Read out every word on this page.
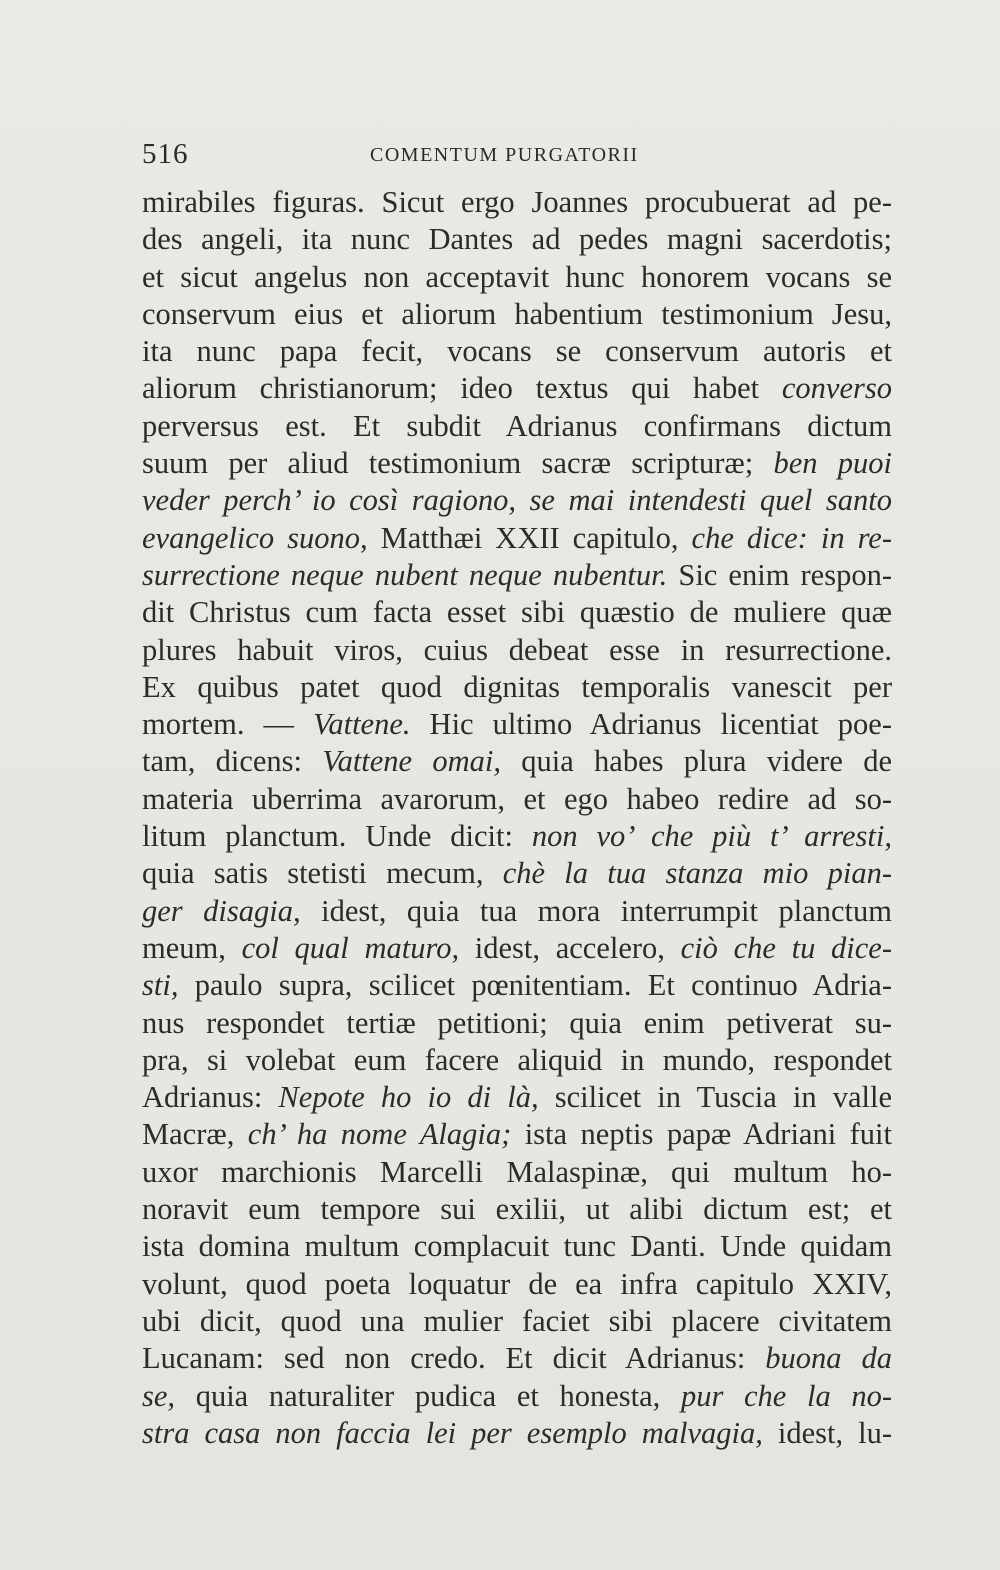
516	COMENTUM PURGATORII
mirabiles figuras. Sicut ergo Joannes procubuerat ad pe-
des angeli, ita nunc Dantes ad pedes magni sacerdotis;
et sicut angelus non acceptavit hunc honorem vocans se
conservum eius et aliorum habentium testimonium Jesu,
ita nunc papa fecit, vocans se conservum autoris et
aliorum christianorum; ideo textus qui habet converso
perversus est. Et subdit Adrianus confirmans dictum
suum per aliud testimonium sacræ scripturæ; ben puoi
veder perch’ io così ragiono, se mai intendesti quel santo
evangelico suono, Matthæi XXII capitulo, che dice: in re-
surrectione neque nubent neque nubentur. Sic enim respon-
dit Christus cum facta esset sibi quæstio de muliere quæ
plures habuit viros, cuius debeat esse in resurrectione.
Ex quibus patet quod dignitas temporalis vanescit per
mortem. — Vattene. Hic ultimo Adrianus licentiat poe-
tam, dicens: Vattene omai, quia habes plura videre de
materia uberrima avarorum, et ego habeo redire ad so-
litum planctum. Unde dicit: non vo’ che più t’ arresti,
quia satis stetisti mecum, chè la tua stanza mio pian-
ger disagia, idest, quia tua mora interrumpit planctum
meum, col qual maturo, idest, accelero, ciò che tu dice-
sti, paulo supra, scilicet pœnitentiam. Et continuo Adria-
nus respondet tertiæ petitioni; quia enim petiverat su-
pra, si volebat eum facere aliquid in mundo, respondet
Adrianus: Nepote ho io di là, scilicet in Tuscia in valle
Macræ, ch’ ha nome Alagia; ista neptis papæ Adriani fuit
uxor marchionis Marcelli Malaspinæ, qui multum ho-
noravit eum tempore sui exilii, ut alibi dictum est; et
ista domina multum complacuit tunc Danti. Unde quidam
volunt, quod poeta loquatur de ea infra capitulo XXIV,
ubi dicit, quod una mulier faciet sibi placere civitatem
Lucanam: sed non credo. Et dicit Adrianus: buona da
se, quia naturaliter pudica et honesta, pur che la no-
stra casa non faccia lei per esemplo malvagia, idest, lu-
